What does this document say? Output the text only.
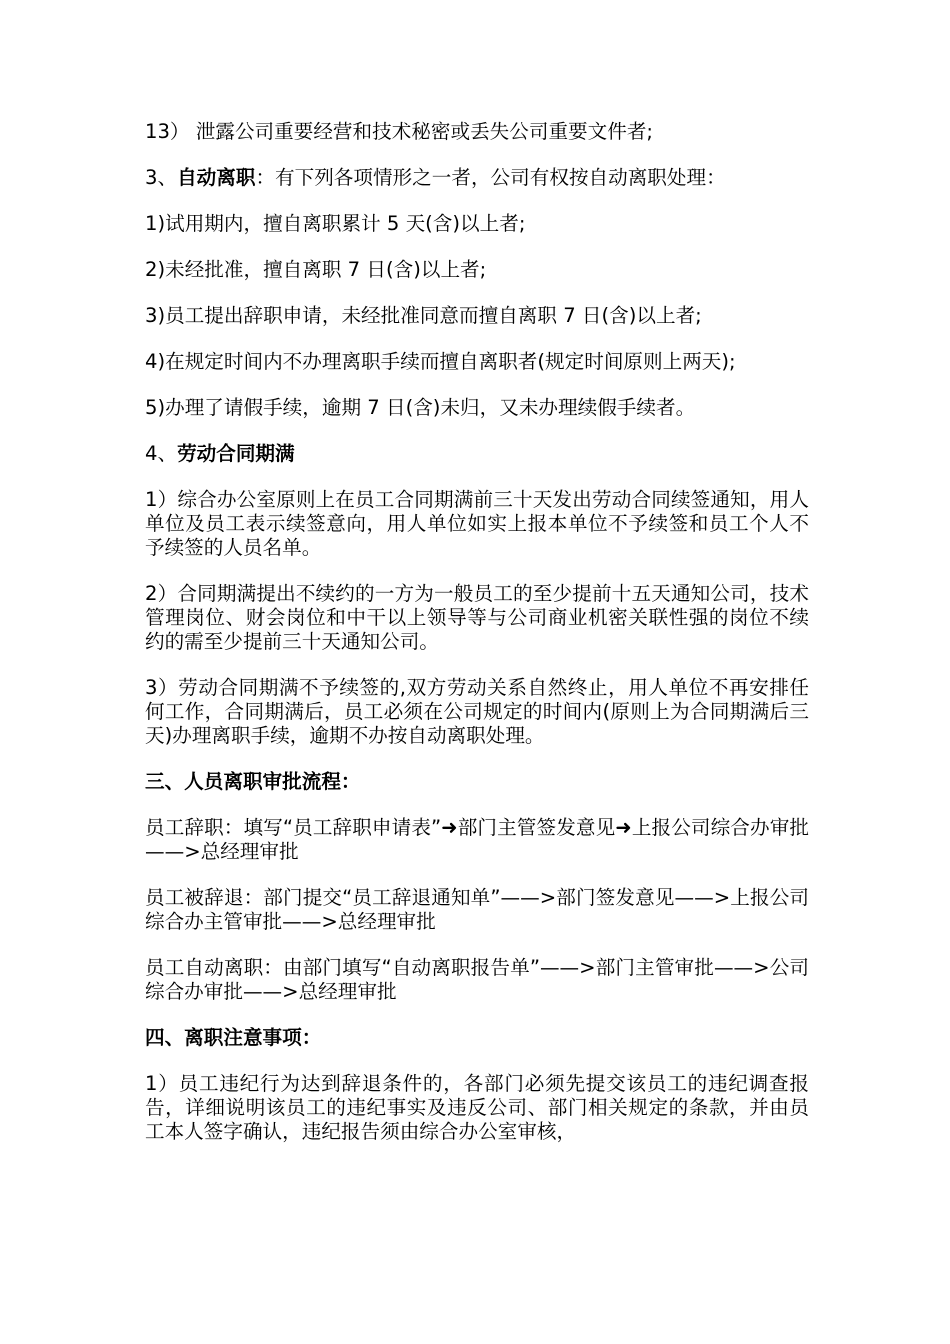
13） 泄露公司重要经营和技术秘密或丢失公司重要文件者;

3、自动离职：有下列各项情形之一者，公司有权按自动离职处理：

1)试用期内，擅自离职累计 5 天(含)以上者;

2)未经批准，擅自离职 7 日(含)以上者;

3)员工提出辞职申请，未经批准同意而擅自离职 7 日(含)以上者;

4)在规定时间内不办理离职手续而擅自离职者(规定时间原则上两天);

5)办理了请假手续，逾期 7 日(含)未归，又未办理续假手续者。

4、劳动合同期满

1）综合办公室原则上在员工合同期满前三十天发出劳动合同续签通知，用人单位及员工表示续签意向，用人单位如实上报本单位不予续签和员工个人不予续签的人员名单。

2）合同期满提出不续约的一方为一般员工的至少提前十五天通知公司，技术管理岗位、财会岗位和中干以上领导等与公司商业机密关联性强的岗位不续约的需至少提前三十天通知公司。

3）劳动合同期满不予续签的,双方劳动关系自然终止，用人单位不再安排任何工作，合同期满后，员工必须在公司规定的时间内(原则上为合同期满后三天)办理离职手续，逾期不办按自动离职处理。

三、人员离职审批流程：

员工辞职：填写“员工辞职申请表”➜部门主管签发意见➜上报公司综合办审批——>总经理审批

员工被辞退：部门提交“员工辞退通知单”——>部门签发意见——>上报公司综合办主管审批——>总经理审批

员工自动离职：由部门填写“自动离职报告单”——>部门主管审批——>公司综合办审批——>总经理审批

四、离职注意事项：

1）员工违纪行为达到辞退条件的，各部门必须先提交该员工的违纪调查报告，详细说明该员工的违纪事实及违反公司、部门相关规定的条款，并由员工本人签字确认，违纪报告须由综合办公室审核，
